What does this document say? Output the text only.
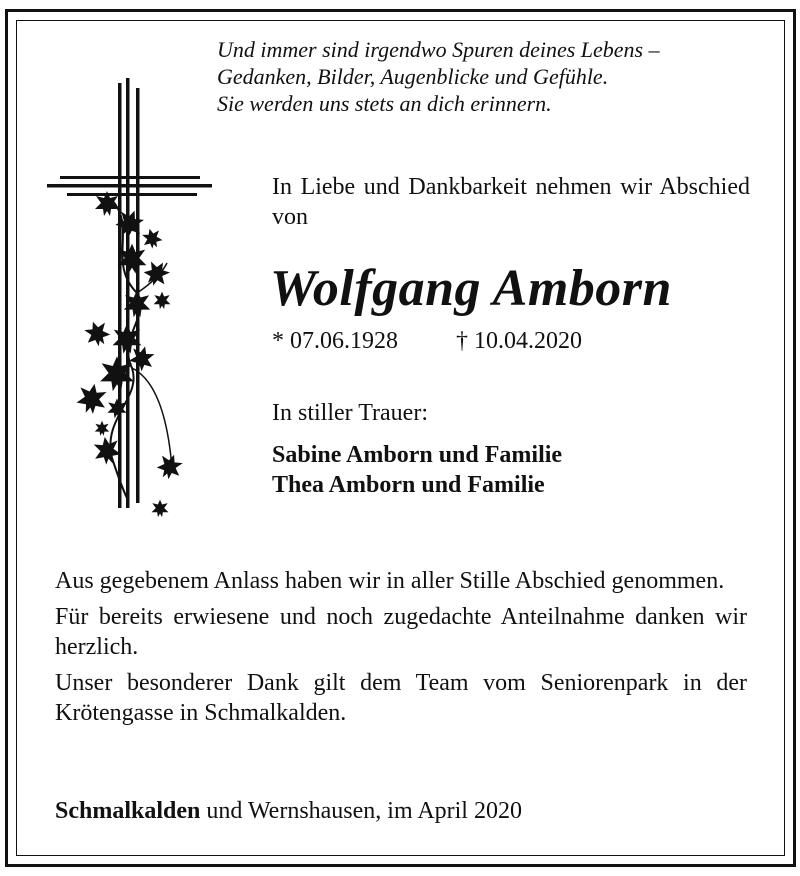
Und immer sind irgendwo Spuren deines Lebens –
Gedanken, Bilder, Augenblicke und Gefühle.
Sie werden uns stets an dich erinnern.
In Liebe und Dankbarkeit nehmen wir Abschied von
Wolfgang Amborn
* 07.06.1928 † 10.04.2020
In stiller Trauer:
Sabine Amborn und Familie
Thea Amborn und Familie

Aus gegebenem Anlass haben wir in aller Stille Abschied genommen.

Für bereits erwiesene und noch zugedachte Anteilnahme danken wir herzlich.

Unser besonderer Dank gilt dem Team vom Seniorenpark in der Krötengasse in Schmalkalden.

Schmalkalden und Wernshausen, im April 2020
